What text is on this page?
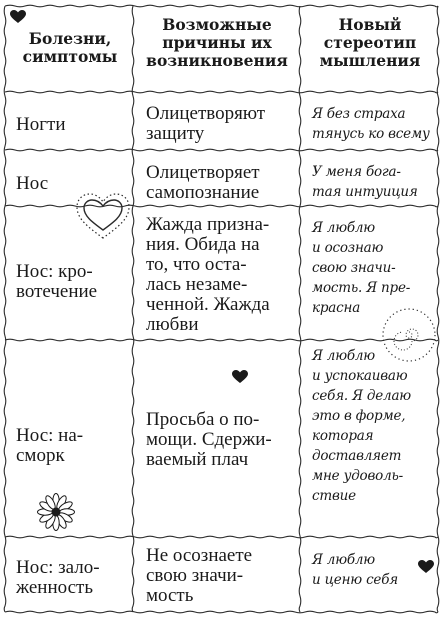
Болезни,
симптомы
Возможные
причины их
возникновения
Новый
стереотип
мышления
Ногти
Олицетворяют
защиту
Я без страха
тянусь ко всему
Нос
Олицетворяет
самопознание
У меня бога-
тая интуиция
Нос: кро-
вотечение
Жажда призна-
ния. Обида на
то, что оста-
лась незаме-
ченной. Жажда
любви
Я люблю
и осознаю
свою значи-
мость. Я пре-
красна
Нос: на-
сморк
Просьба о по-
мощи. Сдержи-
ваемый плач
Я люблю
и успокаиваю
себя. Я делаю
это в форме,
которая
доставляет
мне удоволь-
ствие
Нос: зало-
женность
Не осознаете
свою значи-
мость
Я люблю
и ценю себя
